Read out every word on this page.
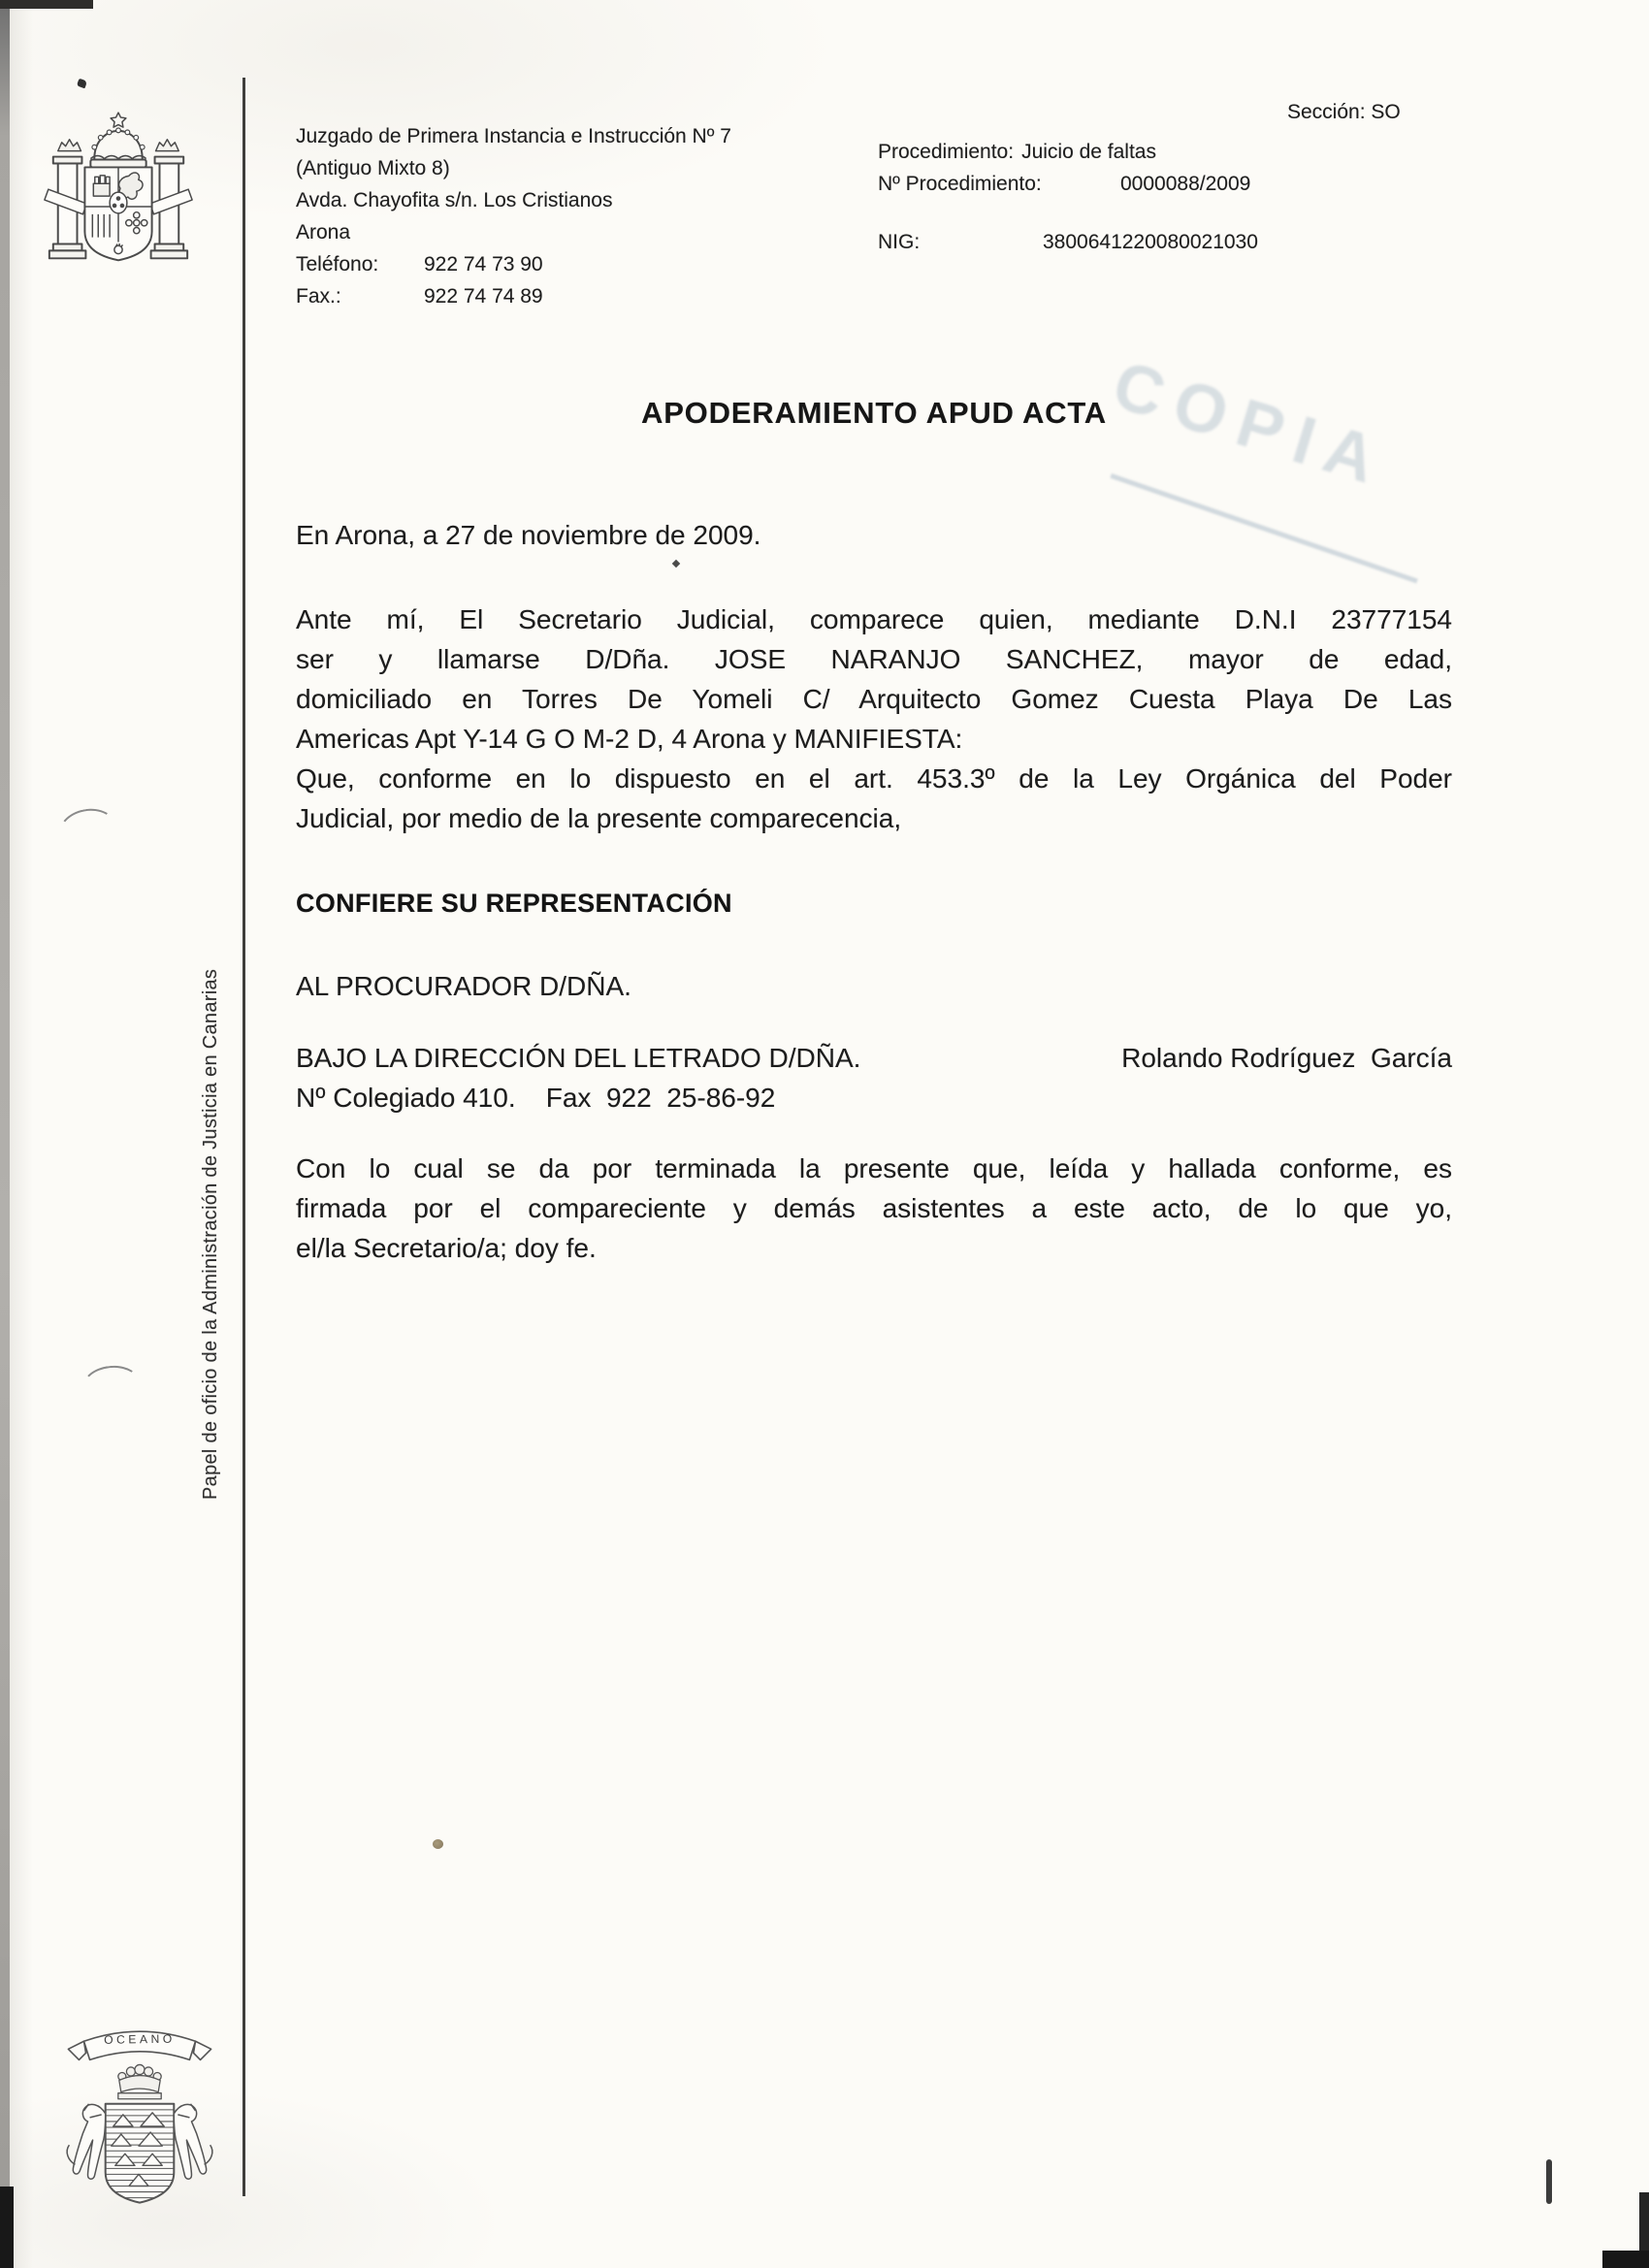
Papel de oficio de la Administración de Justicia en Canarias
Juzgado de Primera Instancia e Instrucción Nº 7
(Antiguo Mixto 8)
Avda. Chayofita s/n. Los Cristianos
Arona
Teléfono:	922 74 73 90
Fax.:	922 74 74 89
Sección: SO
Procedimiento: Juicio de faltas
Nº Procedimiento:	0000088/2009
NIG:	3800641220080021030
APODERAMIENTO APUD ACTA
COPIA
En Arona, a 27 de noviembre de 2009.
Ante mí, El Secretario Judicial, comparece quien, mediante D.N.I 23777154
ser y llamarse D/Dña. JOSE NARANJO SANCHEZ, mayor de edad,
domiciliado en Torres De Yomeli C/ Arquitecto Gomez Cuesta Playa De Las
Americas Apt Y-14 G O M-2 D, 4 Arona y MANIFIESTA:
Que, conforme en lo dispuesto en el art. 453.3º de la Ley Orgánica del Poder
Judicial, por medio de la presente comparecencia,
CONFIERE SU REPRESENTACIÓN
AL PROCURADOR D/DÑA.
BAJO LA DIRECCIÓN DEL LETRADO D/DÑA.	Rolando Rodríguez  García
Nº Colegiado 410.    Fax  922  25-86-92
Con lo cual se da por terminada la presente que, leída y hallada conforme, es
firmada por el compareciente y demás asistentes a este acto, de lo que yo,
el/la Secretario/a; doy fe.
OCEANO
